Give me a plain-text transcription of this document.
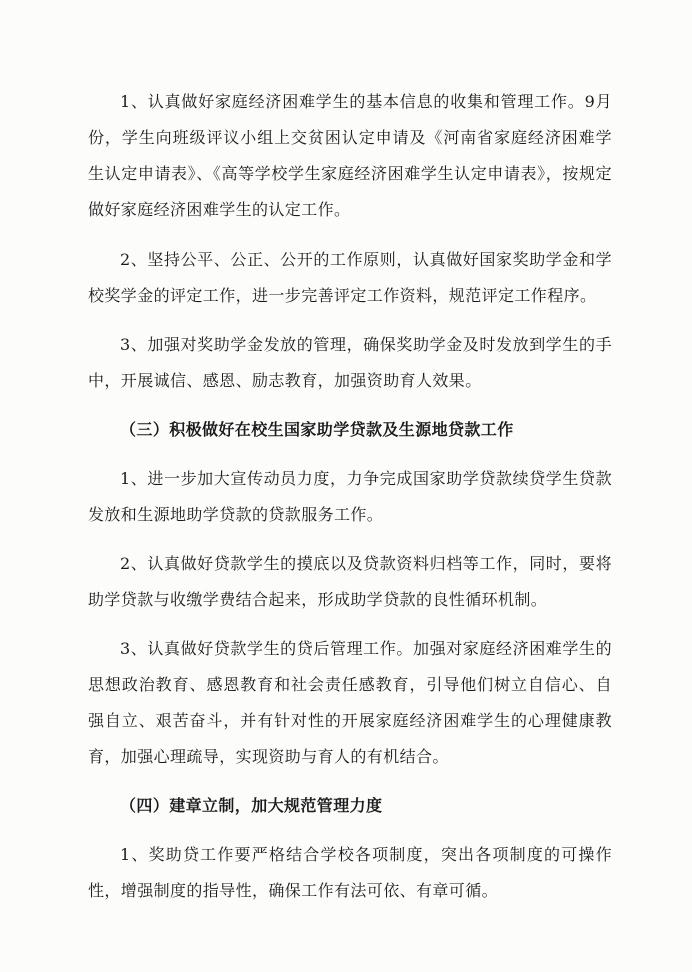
1、认真做好家庭经济困难学生的基本信息的收集和管理工作。9月份，学生向班级评议小组上交贫困认定申请及《河南省家庭经济困难学生认定申请表》、《高等学校学生家庭经济困难学生认定申请表》，按规定做好家庭经济困难学生的认定工作。

2、坚持公平、公正、公开的工作原则，认真做好国家奖助学金和学校奖学金的评定工作，进一步完善评定工作资料，规范评定工作程序。

3、加强对奖助学金发放的管理，确保奖助学金及时发放到学生的手中，开展诚信、感恩、励志教育，加强资助育人效果。

（三）积极做好在校生国家助学贷款及生源地贷款工作

1、进一步加大宣传动员力度，力争完成国家助学贷款续贷学生贷款发放和生源地助学贷款的贷款服务工作。

2、认真做好贷款学生的摸底以及贷款资料归档等工作，同时，要将助学贷款与收缴学费结合起来，形成助学贷款的良性循环机制。

3、认真做好贷款学生的贷后管理工作。加强对家庭经济困难学生的思想政治教育、感恩教育和社会责任感教育，引导他们树立自信心、自强自立、艰苦奋斗，并有针对性的开展家庭经济困难学生的心理健康教育，加强心理疏导，实现资助与育人的有机结合。

（四）建章立制，加大规范管理力度

1、奖助贷工作要严格结合学校各项制度，突出各项制度的可操作性，增强制度的指导性，确保工作有法可依、有章可循。
